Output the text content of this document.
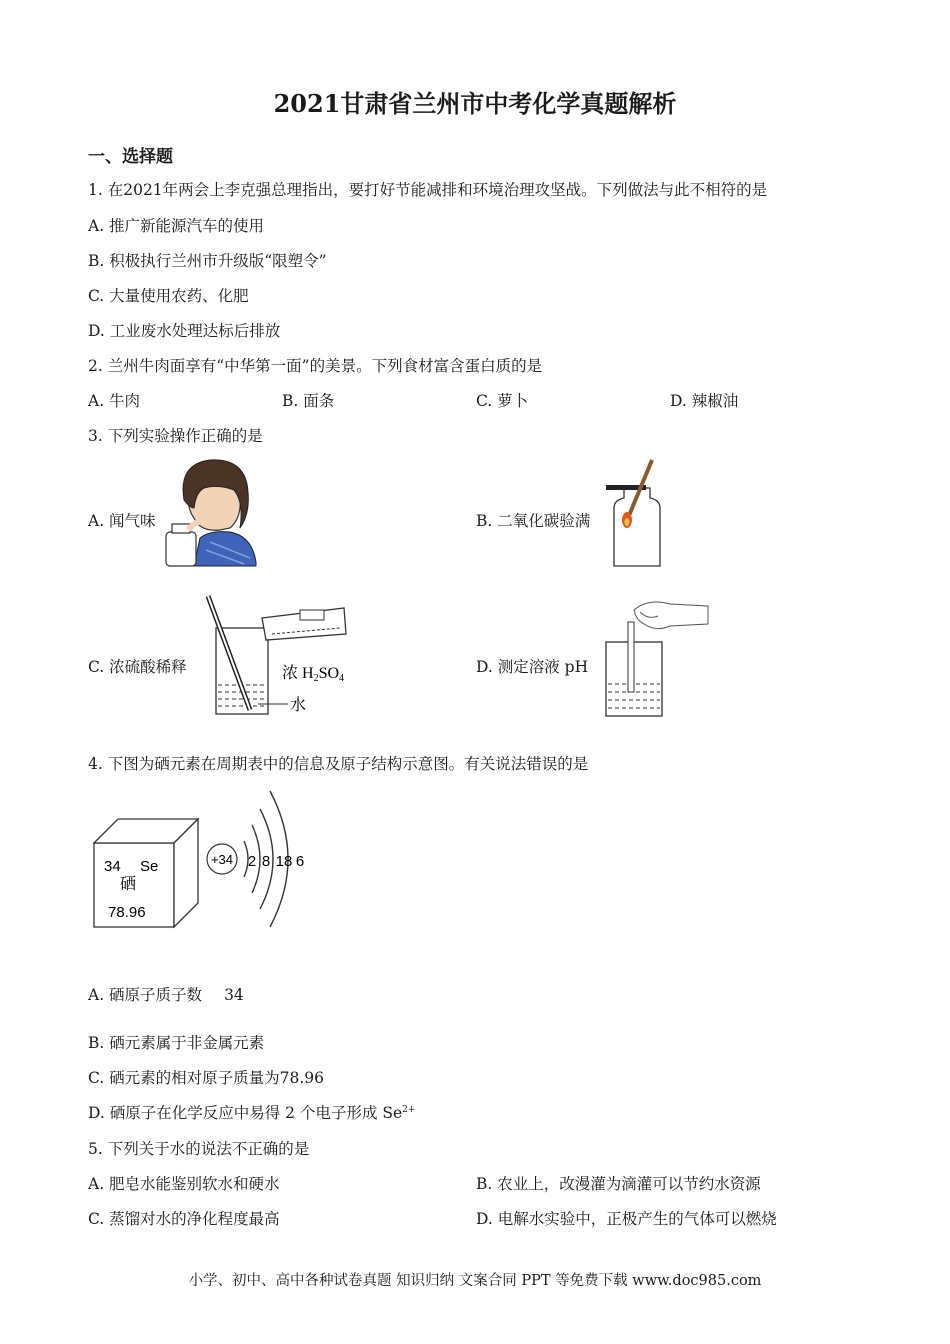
2021甘肃省兰州市中考化学真题解析
一、选择题
1. 在2021年两会上李克强总理指出，要打好节能减排和环境治理攻坚战。下列做法与此不相符的是
A. 推广新能源汽车的使用
B. 积极执行兰州市升级版“限塑令”
C. 大量使用农药、化肥
D. 工业废水处理达标后排放
2. 兰州牛肉面享有“中华第一面”的美景。下列食材富含蛋白质的是
A. 牛肉	B. 面条	C. 萝卜	D. 辣椒油
3. 下列实验操作正确的是
A. 闻气味	B. 二氧化碳验满
C. 浓硫酸稀释	D. 测定溶液 pH
浓 H2SO4
水
4. 下图为硒元素在周期表中的信息及原子结构示意图。有关说法错误的是
34 Se
硒
78.96
+34 2 8 18 6
A. 硒原子质子数 34
B. 硒元素属于非金属元素
C. 硒元素的相对原子质量为78.96
D. 硒原子在化学反应中易得 2 个电子形成 $Se^{2+}$
5. 下列关于水的说法不正确的是
A. 肥皂水能鉴别软水和硬水	B. 农业上，改漫灌为滴灌可以节约水资源
C. 蒸馏对水的净化程度最高	D. 电解水实验中，正极产生的气体可以燃烧
小学、初中、高中各种试卷真题 知识归纳 文案合同 PPT 等免费下载 www.doc985.com
